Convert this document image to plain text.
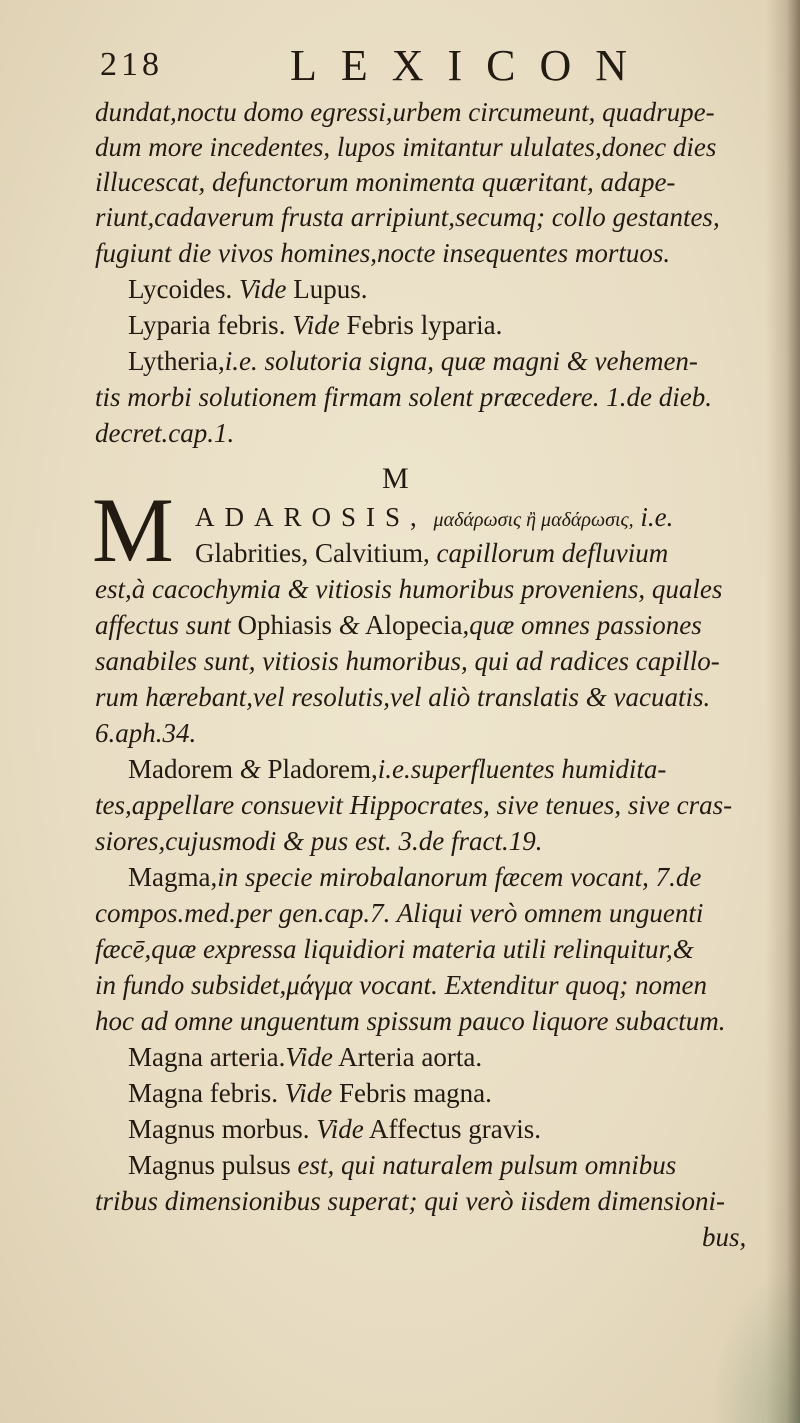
218	LEXICON
dundat,noctu domo egressi,urbem circumeunt, quadrupe-
dum more incedentes, lupos imitantur ululates,donec dies
illucescat, defunctorum monimenta quæritant, adape-
riunt,cadaverum frusta arripiunt,secumq; collo gestantes,
fugiunt die vivos homines,nocte insequentes mortuos.
Lycoides. Vide Lupus.
Lyparia febris. Vide Febris lyparia.
Lytheria,i.e. solutoria signa, quæ magni & vehemen-
tis morbi solutionem firmam solent præcedere. 1.de dieb.
decret.cap.1.
M
M ADAROSIS, μαδάρωσις ἢ μαδάρωσις, i.e.
Glabrities, Calvitium, capillorum defluvium
est,à cacochymia & vitiosis humoribus proveniens, quales
affectus sunt Ophiasis & Alopecia,quæ omnes passiones
sanabiles sunt, vitiosis humoribus, qui ad radices capillo-
rum hærebant,vel resolutis,vel aliò translatis & vacuatis.
6.aph.34.
Madorem & Pladorem,i.e.superfluentes humidita-
tes,appellare consuevit Hippocrates, sive tenues, sive cras-
siores,cujusmodi & pus est. 3.de fract.19.
Magma,in specie mirobalanorum fæcem vocant, 7.de
compos.med.per gen.cap.7. Aliqui verò omnem unguenti
fæcē,quæ expressa liquidiori materia utili relinquitur,&
in fundo subsidet,μάγμα vocant. Extenditur quoq; nomen
hoc ad omne unguentum spissum pauco liquore subactum.
Magna arteria.Vide Arteria aorta.
Magna febris. Vide Febris magna.
Magnus morbus. Vide Affectus gravis.
Magnus pulsus est, qui naturalem pulsum omnibus
tribus dimensionibus superat; qui verò iisdem dimensioni-
bus,
